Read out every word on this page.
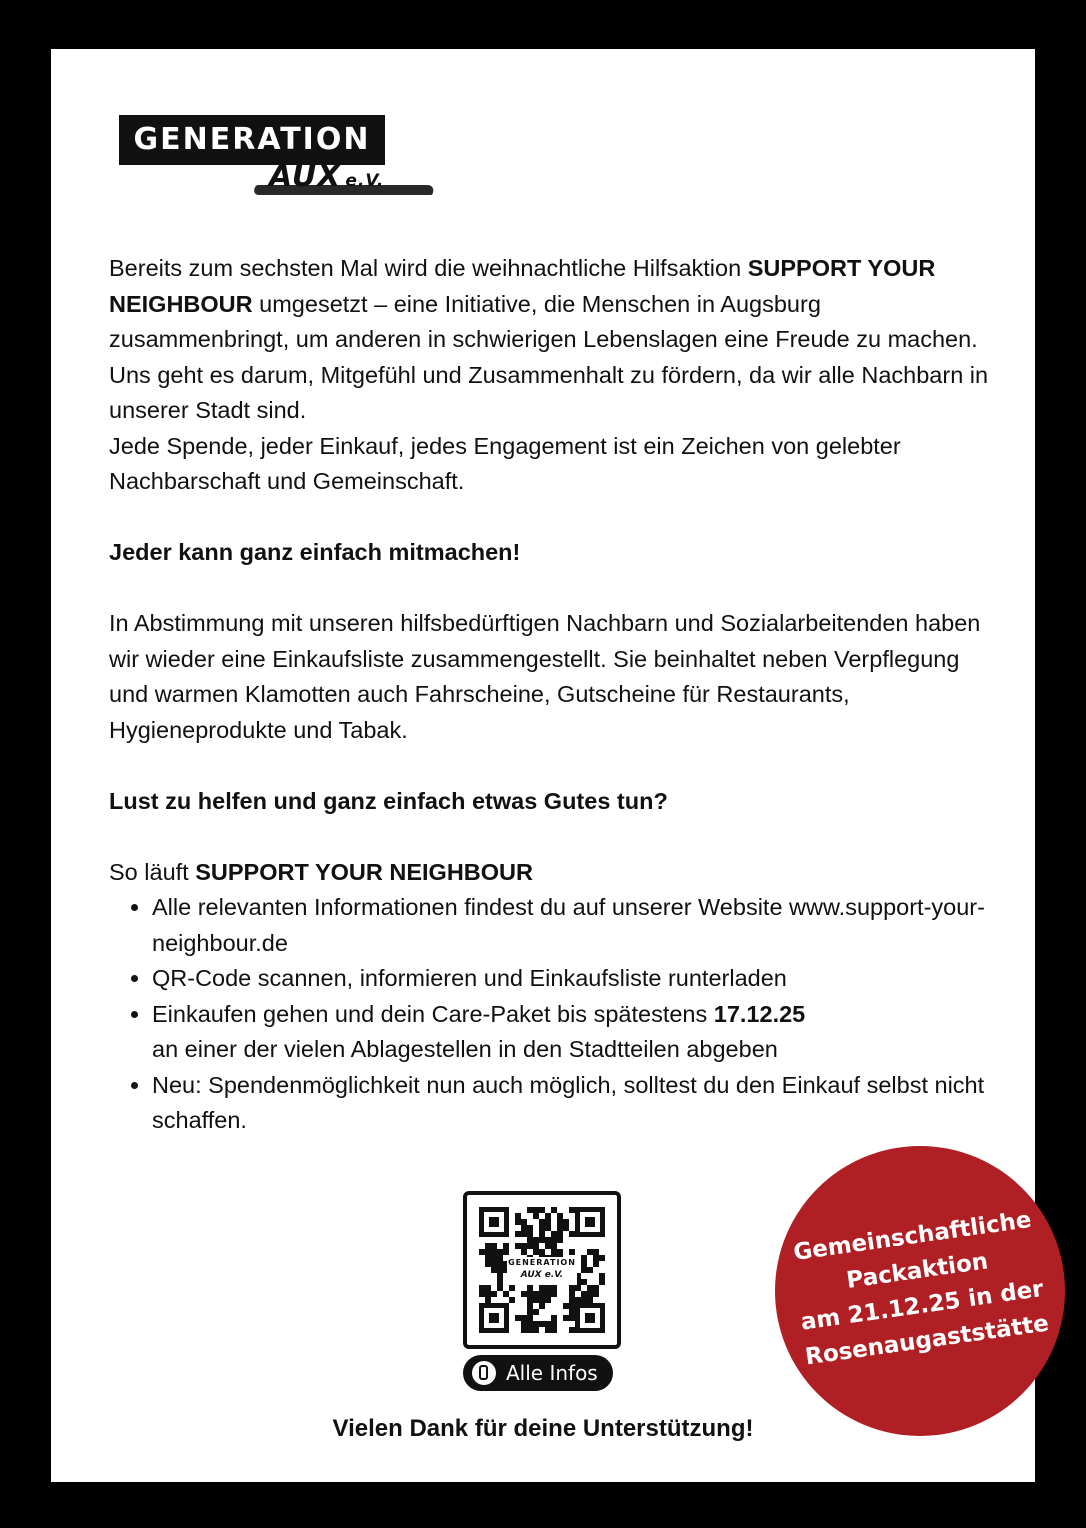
GENERATION
AUX e.V.

Bereits zum sechsten Mal wird die weihnachtliche Hilfsaktion SUPPORT YOUR NEIGHBOUR umgesetzt – eine Initiative, die Menschen in Augsburg zusammenbringt, um anderen in schwierigen Lebenslagen eine Freude zu machen. Uns geht es darum, Mitgefühl und Zusammenhalt zu fördern, da wir alle Nachbarn in unserer Stadt sind.

Jede Spende, jeder Einkauf, jedes Engagement ist ein Zeichen von gelebter Nachbarschaft und Gemeinschaft.

Jeder kann ganz einfach mitmachen!

In Abstimmung mit unseren hilfsbedürftigen Nachbarn und Sozialarbeitenden haben wir wieder eine Einkaufsliste zusammengestellt. Sie beinhaltet neben Verpflegung und warmen Klamotten auch Fahrscheine, Gutscheine für Restaurants, Hygieneprodukte und Tabak.

Lust zu helfen und ganz einfach etwas Gutes tun?

So läuft SUPPORT YOUR NEIGHBOUR

• Alle relevanten Informationen findest du auf unserer Website www.support-your-neighbour.de
• QR-Code scannen, informieren und Einkaufsliste runterladen
• Einkaufen gehen und dein Care-Paket bis spätestens 17.12.25
an einer der vielen Ablagestellen in den Stadtteilen abgeben
• Neu: Spendenmöglichkeit nun auch möglich, solltest du den Einkauf selbst nicht schaffen.
GENERATION
AUX e.V.
Alle Infos
Vielen Dank für deine Unterstützung!
Gemeinschaftliche
Packaktion
am 21.12.25 in der
Rosenaugaststätte
